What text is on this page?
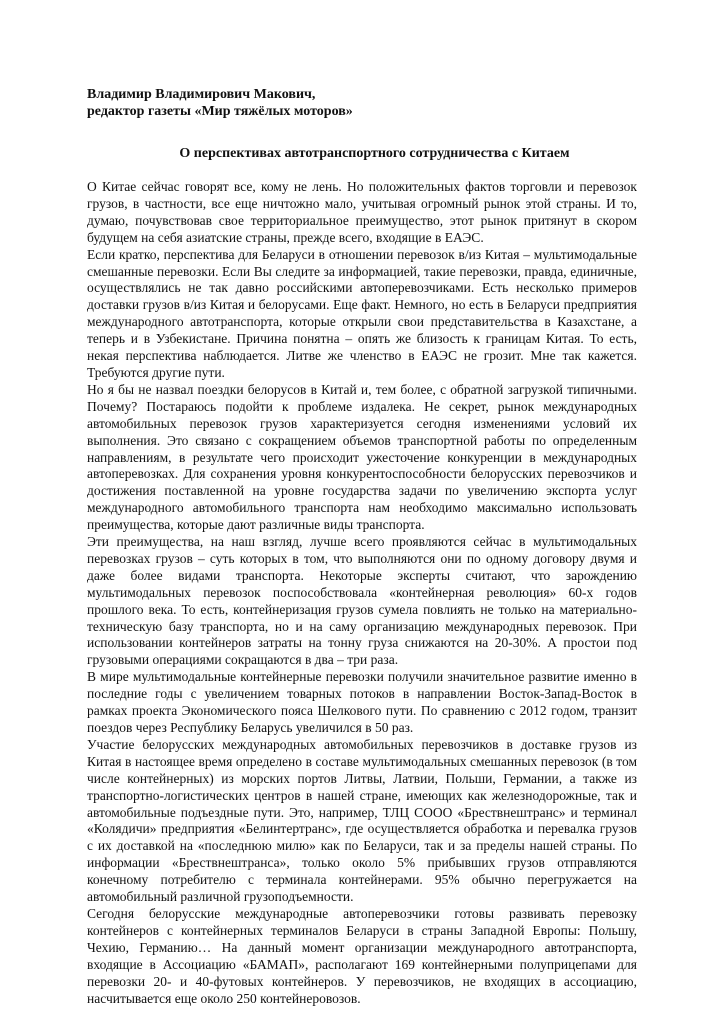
Владимир Владимирович Макович,
редактор газеты «Мир тяжёлых моторов»
О перспективах автотранспортного сотрудничества с Китаем

О Китае сейчас говорят все, кому не лень. Но положительных фактов торговли и перевозок грузов, в частности, все еще ничтожно мало, учитывая огромный рынок этой страны. И то, думаю, почувствовав свое территориальное преимущество, этот рынок притянут в скором будущем на себя азиатские страны, прежде всего, входящие в ЕАЭС.

Если кратко, перспектива для Беларуси в отношении перевозок в/из Китая – мультимодальные смешанные перевозки. Если Вы следите за информацией, такие перевозки, правда, единичные, осуществлялись не так давно российскими автоперевозчиками. Есть несколько примеров доставки грузов в/из Китая и белорусами. Еще факт. Немного, но есть в Беларуси предприятия международного автотранспорта, которые открыли свои представительства в Казахстане, а теперь и в Узбекистане. Причина понятна – опять же близость к границам Китая. То есть, некая перспектива наблюдается. Литве же членство в ЕАЭС не грозит. Мне так кажется. Требуются другие пути.

Но я бы не назвал поездки белорусов в Китай и, тем более, с обратной загрузкой типичными. Почему? Постараюсь подойти к проблеме издалека. Не секрет, рынок международных автомобильных перевозок грузов характеризуется сегодня изменениями условий их выполнения. Это связано с сокращением объемов транспортной работы по определенным направлениям, в результате чего происходит ужесточение конкуренции в международных автоперевозках. Для сохранения уровня конкурентоспособности белорусских перевозчиков и достижения поставленной на уровне государства задачи по увеличению экспорта услуг международного автомобильного транспорта нам необходимо максимально использовать преимущества, которые дают различные виды транспорта.

Эти преимущества, на наш взгляд, лучше всего проявляются сейчас в мультимодальных перевозках грузов – суть которых в том, что выполняются они по одному договору двумя и даже более видами транспорта. Некоторые эксперты считают, что зарождению мультимодальных перевозок поспособствовала «контейнерная революция» 60-х годов прошлого века. То есть, контейнеризация грузов сумела повлиять не только на материально-техническую базу транспорта, но и на саму организацию международных перевозок. При использовании контейнеров затраты на тонну груза снижаются на 20-30%. А простои под грузовыми операциями сокращаются в два – три раза.

В мире мультимодальные контейнерные перевозки получили значительное развитие именно в последние годы с увеличением товарных потоков в направлении Восток-Запад-Восток в рамках проекта Экономического пояса Шелкового пути. По сравнению с 2012 годом, транзит поездов через Республику Беларусь увеличился в 50 раз.

Участие белорусских международных автомобильных перевозчиков в доставке грузов из Китая в настоящее время определено в составе мультимодальных смешанных перевозок (в том числе контейнерных) из морских портов Литвы, Латвии, Польши, Германии, а также из транспортно-логистических центров в нашей стране, имеющих как железнодорожные, так и автомобильные подъездные пути. Это, например, ТЛЦ СООО «Брествнештранс» и терминал «Колядичи» предприятия «Белинтертранс», где осуществляется обработка и перевалка грузов с их доставкой на «последнюю милю» как по Беларуси, так и за пределы нашей страны. По информации «Брествнештранса», только около 5% прибывших грузов отправляются конечному потребителю с терминала контейнерами. 95% обычно перегружается на автомобильный различной грузоподъемности.

Сегодня белорусские международные автоперевозчики готовы развивать перевозку контейнеров с контейнерных терминалов Беларуси в страны Западной Европы: Польшу, Чехию, Германию… На данный момент организации международного автотранспорта, входящие в Ассоциацию «БАМАП», располагают 169 контейнерными полуприцепами для перевозки 20- и 40-футовых контейнеров. У перевозчиков, не входящих в ассоциацию, насчитывается еще около 250 контейнеровозов.
